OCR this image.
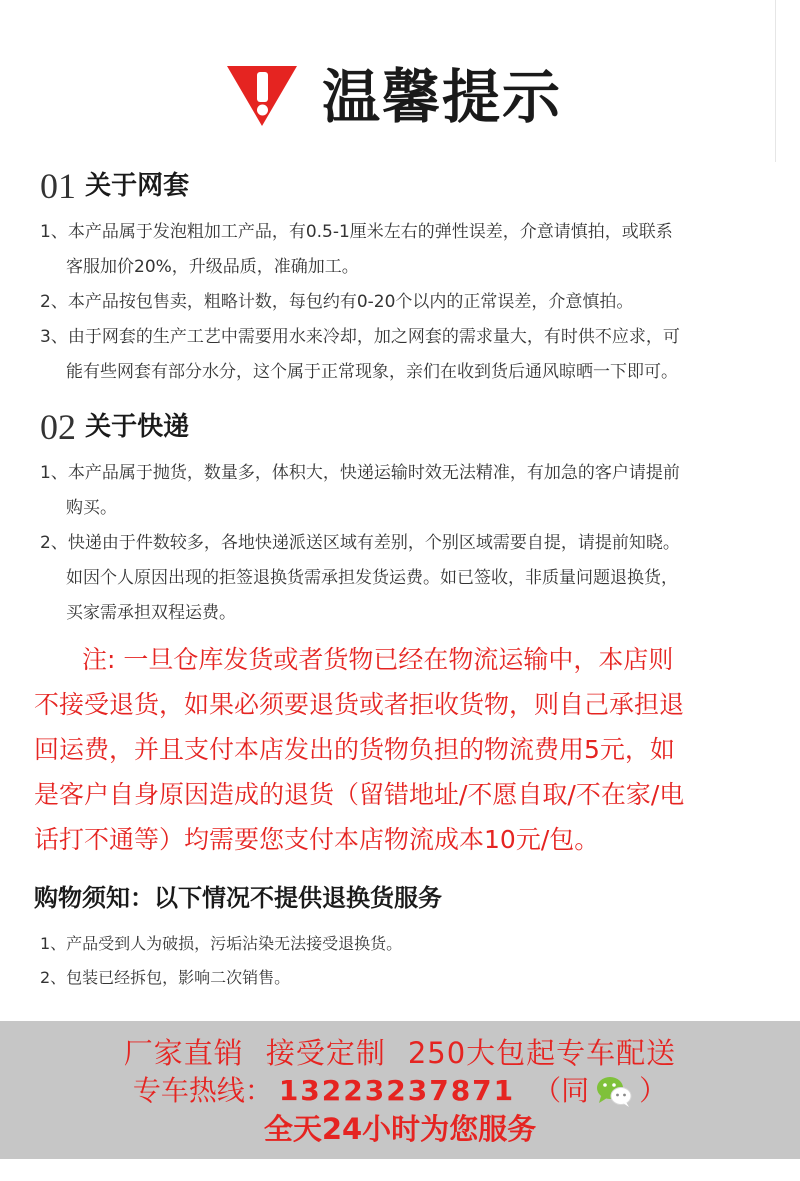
温馨提示
01 关于网套
1、本产品属于发泡粗加工产品，有0.5-1厘米左右的弹性误差，介意请慎拍，或联系
客服加价20%，升级品质，准确加工。
2、本产品按包售卖，粗略计数，每包约有0-20个以内的正常误差，介意慎拍。
3、由于网套的生产工艺中需要用水来冷却，加之网套的需求量大，有时供不应求，可
能有些网套有部分水分，这个属于正常现象，亲们在收到货后通风晾晒一下即可。
02 关于快递
1、本产品属于抛货，数量多，体积大，快递运输时效无法精准，有加急的客户请提前
购买。
2、快递由于件数较多，各地快递派送区域有差别，个别区域需要自提，请提前知晓。
如因个人原因出现的拒签退换货需承担发货运费。如已签收，非质量问题退换货，
买家需承担双程运费。
注: 一旦仓库发货或者货物已经在物流运输中，本店则
不接受退货，如果必须要退货或者拒收货物，则自己承担退
回运费，并且支付本店发出的货物负担的物流费用5元，如
是客户自身原因造成的退货（留错地址/不愿自取/不在家/电
话打不通等）均需要您支付本店物流成本10元/包。
购物须知：以下情况不提供退换货服务
1、产品受到人为破损，污垢沾染无法接受退换货。
2、包装已经拆包，影响二次销售。
厂家直销 接受定制 250大包起专车配送
专车热线： 13223237871 （同 ）
全天24小时为您服务
